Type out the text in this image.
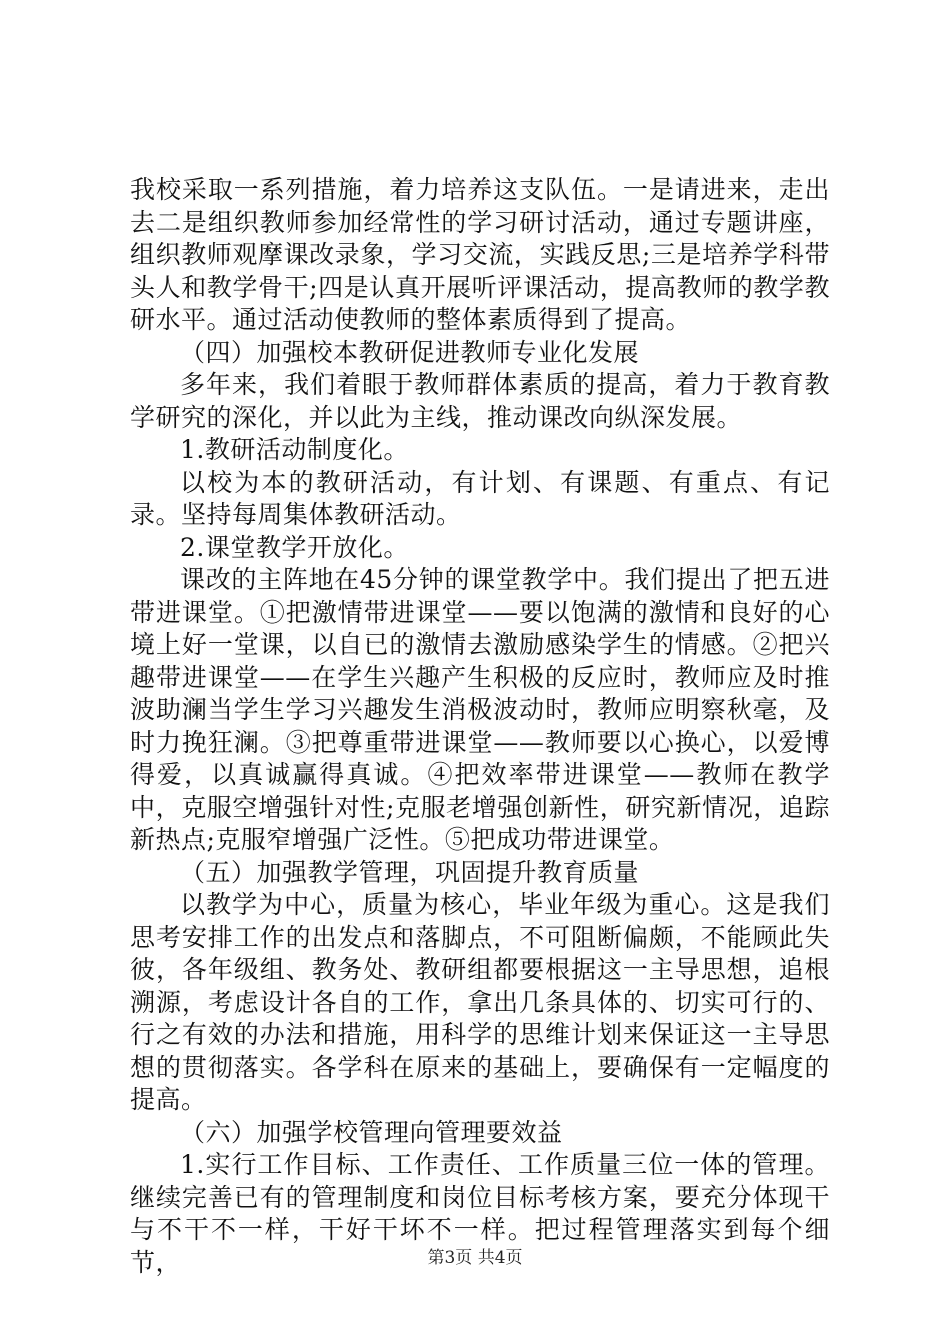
我校采取一系列措施，着力培养这支队伍。一是请进来，走出去二是组织教师参加经常性的学习研讨活动，通过专题讲座，组织教师观摩课改录象，学习交流，实践反思;三是培养学科带头人和教学骨干;四是认真开展听评课活动，提高教师的教学教研水平。通过活动使教师的整体素质得到了提高。

（四）加强校本教研促进教师专业化发展

多年来，我们着眼于教师群体素质的提高，着力于教育教学研究的深化，并以此为主线，推动课改向纵深发展。

1.教研活动制度化。

以校为本的教研活动，有计划、有课题、有重点、有记录。坚持每周集体教研活动。

2.课堂教学开放化。

课改的主阵地在45分钟的课堂教学中。我们提出了把五进带进课堂。①把激情带进课堂——要以饱满的激情和良好的心境上好一堂课，以自已的激情去激励感染学生的情感。②把兴趣带进课堂——在学生兴趣产生积极的反应时，教师应及时推波助澜当学生学习兴趣发生消极波动时，教师应明察秋毫，及时力挽狂澜。③把尊重带进课堂——教师要以心换心，以爱博得爱，以真诚赢得真诚。④把效率带进课堂——教师在教学中，克服空增强针对性;克服老增强创新性，研究新情况，追踪新热点;克服窄增强广泛性。⑤把成功带进课堂。

（五）加强教学管理，巩固提升教育质量

以教学为中心，质量为核心，毕业年级为重心。这是我们思考安排工作的出发点和落脚点，不可阻断偏颇，不能顾此失彼，各年级组、教务处、教研组都要根据这一主导思想，追根溯源，考虑设计各自的工作，拿出几条具体的、切实可行的、行之有效的办法和措施，用科学的思维计划来保证这一主导思想的贯彻落实。各学科在原来的基础上，要确保有一定幅度的提高。

（六）加强学校管理向管理要效益

1.实行工作目标、工作责任、工作质量三位一体的管理。继续完善已有的管理制度和岗位目标考核方案，要充分体现干与不干不一样，干好干坏不一样。把过程管理落实到每个细节，	第3页 共4页
